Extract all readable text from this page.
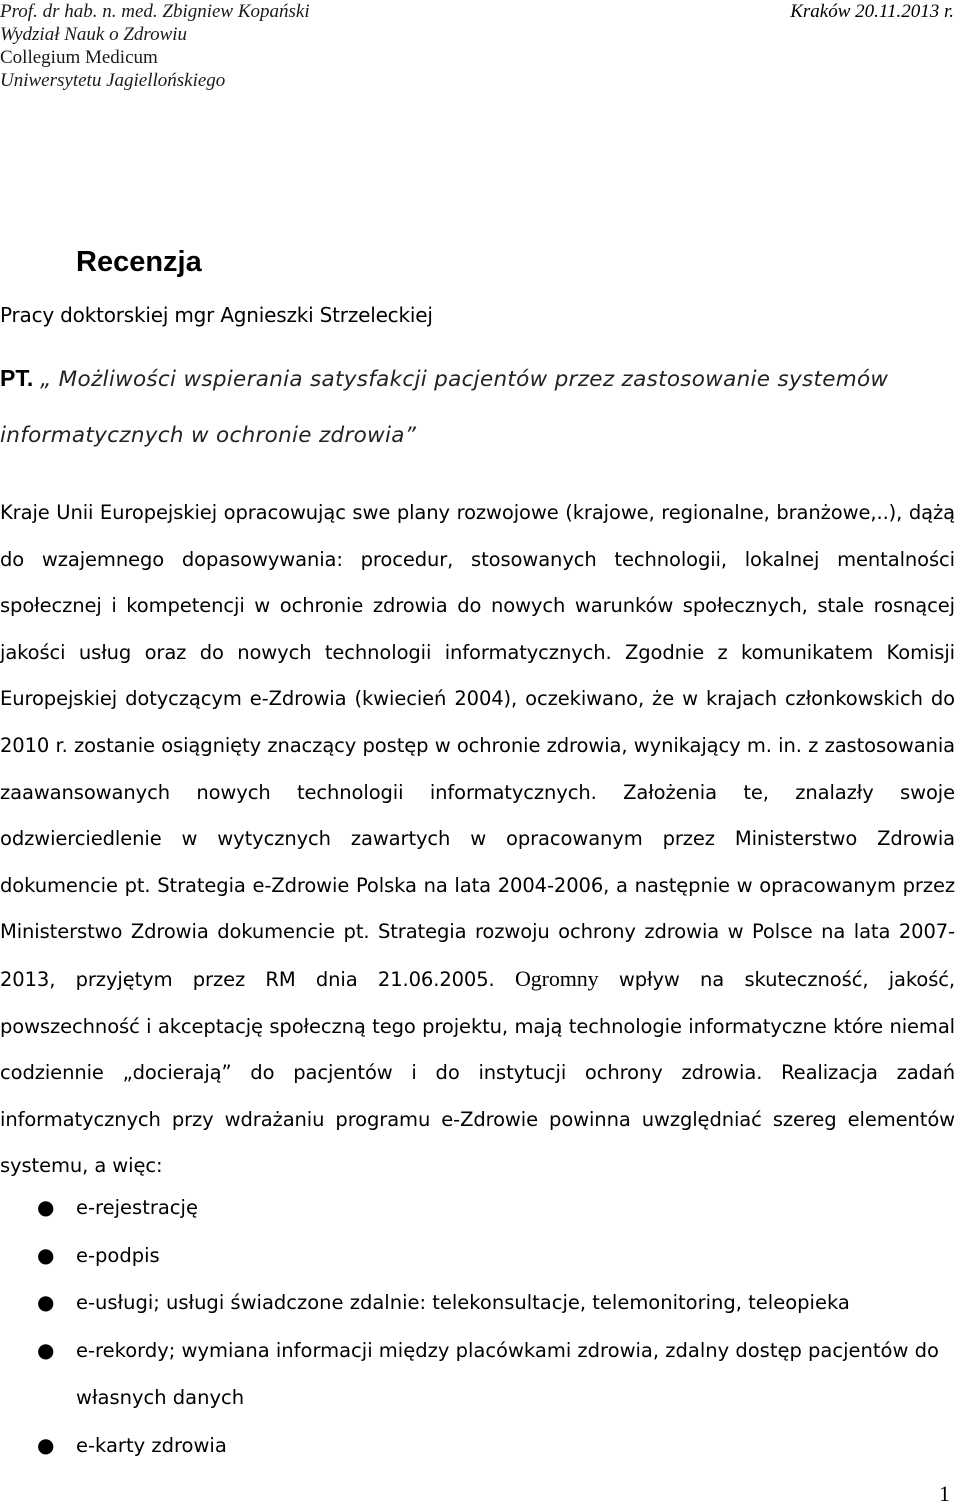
Prof. dr hab. n. med. Zbigniew Kopański
Wydział Nauk o Zdrowiu
Collegium Medicum
Uniwersytetu Jagiellońskiego
Kraków 20.11.2013 r.
Recenzja
Pracy doktorskiej mgr Agnieszki Strzeleckiej
PT. „ Możliwości wspierania satysfakcji pacjentów przez zastosowanie systemów informatycznych w ochronie zdrowia”
Kraje Unii Europejskiej opracowując swe plany rozwojowe (krajowe, regionalne, branżowe,..), dążą do wzajemnego dopasowywania: procedur, stosowanych technologii, lokalnej mentalności społecznej i kompetencji w ochronie zdrowia do nowych warunków społecznych, stale rosnącej jakości usług oraz do nowych technologii informatycznych. Zgodnie z komunikatem Komisji Europejskiej dotyczącym e-Zdrowia (kwiecień 2004), oczekiwano, że w krajach członkowskich do 2010 r. zostanie osiągnięty znaczący postęp w ochronie zdrowia, wynikający m. in. z zastosowania zaawansowanych nowych technologii informatycznych. Założenia te, znalazły swoje odzwierciedlenie w wytycznych zawartych w opracowanym przez Ministerstwo Zdrowia dokumencie pt. Strategia e-Zdrowie Polska na lata 2004-2006, a następnie w opracowanym przez Ministerstwo Zdrowia dokumencie pt. Strategia rozwoju ochrony zdrowia w Polsce na lata 2007-2013, przyjętym przez RM dnia 21.06.2005. Ogromny wpływ na skuteczność, jakość, powszechność i akceptację społeczną tego projektu, mają technologie informatyczne które niemal codziennie „docierają” do pacjentów i do instytucji ochrony zdrowia. Realizacja zadań informatycznych przy wdrażaniu programu e-Zdrowie powinna uwzględniać szereg elementów systemu, a więc:
● e-rejestrację
● e-podpis
● e-usługi; usługi świadczone zdalnie: telekonsultacje, telemonitoring, teleopieka
● e-rekordy; wymiana informacji między placówkami zdrowia, zdalny dostęp pacjentów do własnych danych
● e-karty zdrowia
1
